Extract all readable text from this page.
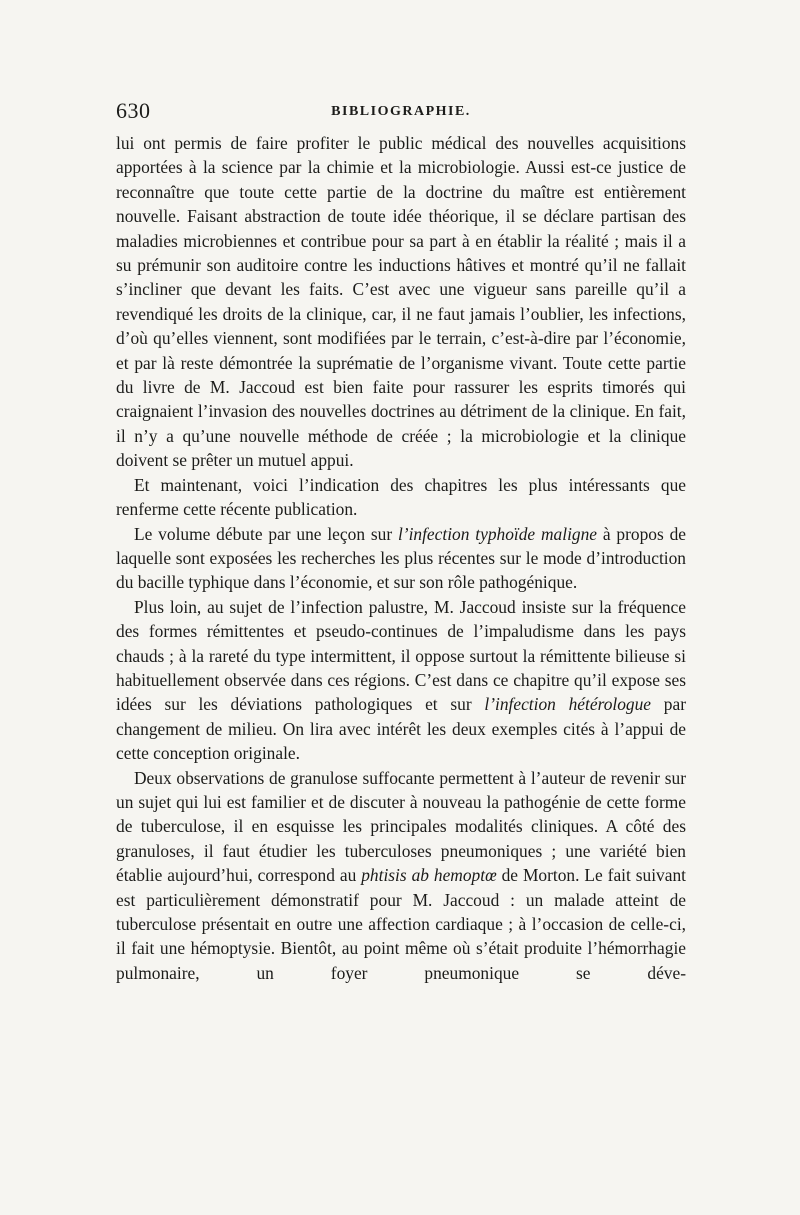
630	BIBLIOGRAPHIE.

lui ont permis de faire profiter le public médical des nouvelles acquisitions apportées à la science par la chimie et la microbiologie. Aussi est-ce justice de reconnaître que toute cette partie de la doctrine du maître est entièrement nouvelle. Faisant abstraction de toute idée théorique, il se déclare partisan des maladies microbiennes et contribue pour sa part à en établir la réalité ; mais il a su prémunir son auditoire contre les inductions hâtives et montré qu’il ne fallait s’incliner que devant les faits. C’est avec une vigueur sans pareille qu’il a revendiqué les droits de la clinique, car, il ne faut jamais l’oublier, les infections, d’où qu’elles viennent, sont modifiées par le terrain, c’est-à-dire par l’économie, et par là reste démontrée la suprématie de l’organisme vivant. Toute cette partie du livre de M. Jaccoud est bien faite pour rassurer les esprits timorés qui craignaient l’invasion des nouvelles doctrines au détriment de la clinique. En fait, il n’y a qu’une nouvelle méthode de créée ; la microbiologie et la clinique doivent se prêter un mutuel appui.

Et maintenant, voici l’indication des chapitres les plus intéressants que renferme cette récente publication.

Le volume débute par une leçon sur l’infection typhoïde maligne à propos de laquelle sont exposées les recherches les plus récentes sur le mode d’introduction du bacille typhique dans l’économie, et sur son rôle pathogénique.

Plus loin, au sujet de l’infection palustre, M. Jaccoud insiste sur la fréquence des formes rémittentes et pseudo-continues de l’impaludisme dans les pays chauds ; à la rareté du type intermittent, il oppose surtout la rémittente bilieuse si habituellement observée dans ces régions. C’est dans ce chapitre qu’il expose ses idées sur les déviations pathologiques et sur l’infection hétérologue par changement de milieu. On lira avec intérêt les deux exemples cités à l’appui de cette conception originale.

Deux observations de granulose suffocante permettent à l’auteur de revenir sur un sujet qui lui est familier et de discuter à nouveau la pathogénie de cette forme de tuberculose, il en esquisse les principales modalités cliniques. A côté des granuloses, il faut étudier les tuberculoses pneumoniques ; une variété bien établie aujourd’hui, correspond au phtisis ab hemoptœ de Morton. Le fait suivant est particulièrement démonstratif pour M. Jaccoud : un malade atteint de tuberculose présentait en outre une affection cardiaque ; à l’occasion de celle-ci, il fait une hémoptysie. Bientôt, au point même où s’était produite l’hémorrhagie pulmonaire, un foyer pneumonique se déve-
